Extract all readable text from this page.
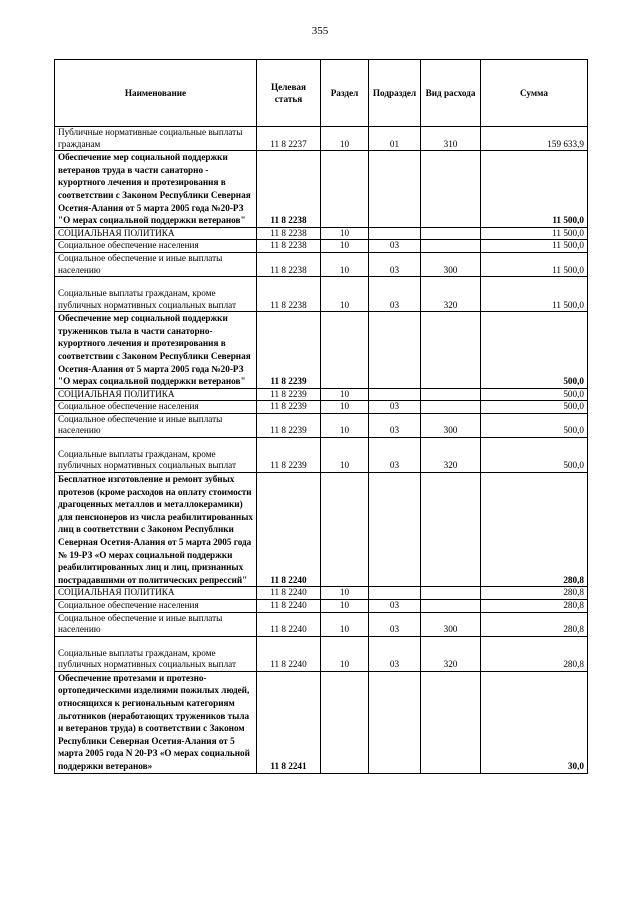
355
Наименование	Целевая статья	Раздел	Подраздел	Вид расхода	Сумма
Публичные нормативные социальные выплаты гражданам	11 8 2237	10	01	310	159 633,9
Обеспечение мер социальной поддержки ветеранов труда в части санаторно - курортного лечения и протезирования в соответствии с Законом Республики Северная Осетия-Алания от 5 марта 2005 года №20-РЗ "О мерах социальной поддержки ветеранов"	11 8 2238				11 500,0
СОЦИАЛЬНАЯ ПОЛИТИКА	11 8 2238	10			11 500,0
Социальное обеспечение населения	11 8 2238	10	03		11 500,0
Социальное обеспечение и иные выплаты населению	11 8 2238	10	03	300	11 500,0
Социальные выплаты гражданам, кроме публичных нормативных социальных выплат	11 8 2238	10	03	320	11 500,0
Обеспечение мер социальной поддержки тружеников тыла в части санаторно-курортного лечения и протезирования в соответствии с Законом Республики Северная Осетия-Алания от 5 марта 2005 года №20-РЗ "О мерах социальной поддержки ветеранов"	11 8 2239				500,0
СОЦИАЛЬНАЯ ПОЛИТИКА	11 8 2239	10			500,0
Социальное обеспечение населения	11 8 2239	10	03		500,0
Социальное обеспечение и иные выплаты населению	11 8 2239	10	03	300	500,0
Социальные выплаты гражданам, кроме публичных нормативных социальных выплат	11 8 2239	10	03	320	500,0
Бесплатное изготовление и ремонт зубных протезов (кроме расходов на оплату стоимости драгоценных металлов и металлокерамики) для пенсионеров из числа реабилитированных лиц в соответствии с Законом Республики Северная Осетия-Алания от 5 марта 2005 года № 19-РЗ «О мерах социальной поддержки реабилитированных лиц и лиц, признанных пострадавшими от политических репрессий"	11 8 2240				280,8
СОЦИАЛЬНАЯ ПОЛИТИКА	11 8 2240	10			280,8
Социальное обеспечение населения	11 8 2240	10	03		280,8
Социальное обеспечение и иные выплаты населению	11 8 2240	10	03	300	280,8
Социальные выплаты гражданам, кроме публичных нормативных социальных выплат	11 8 2240	10	03	320	280,8
Обеспечение протезами и протезно-ортопедическими изделиями пожилых людей, относящихся к региональным категориям льготников (неработающих тружеников тыла и ветеранов труда) в соответствии с Законом Республики Северная Осетия-Алания от 5 марта 2005 года N 20-РЗ «О мерах социальной поддержки ветеранов»	11 8 2241				30,0
